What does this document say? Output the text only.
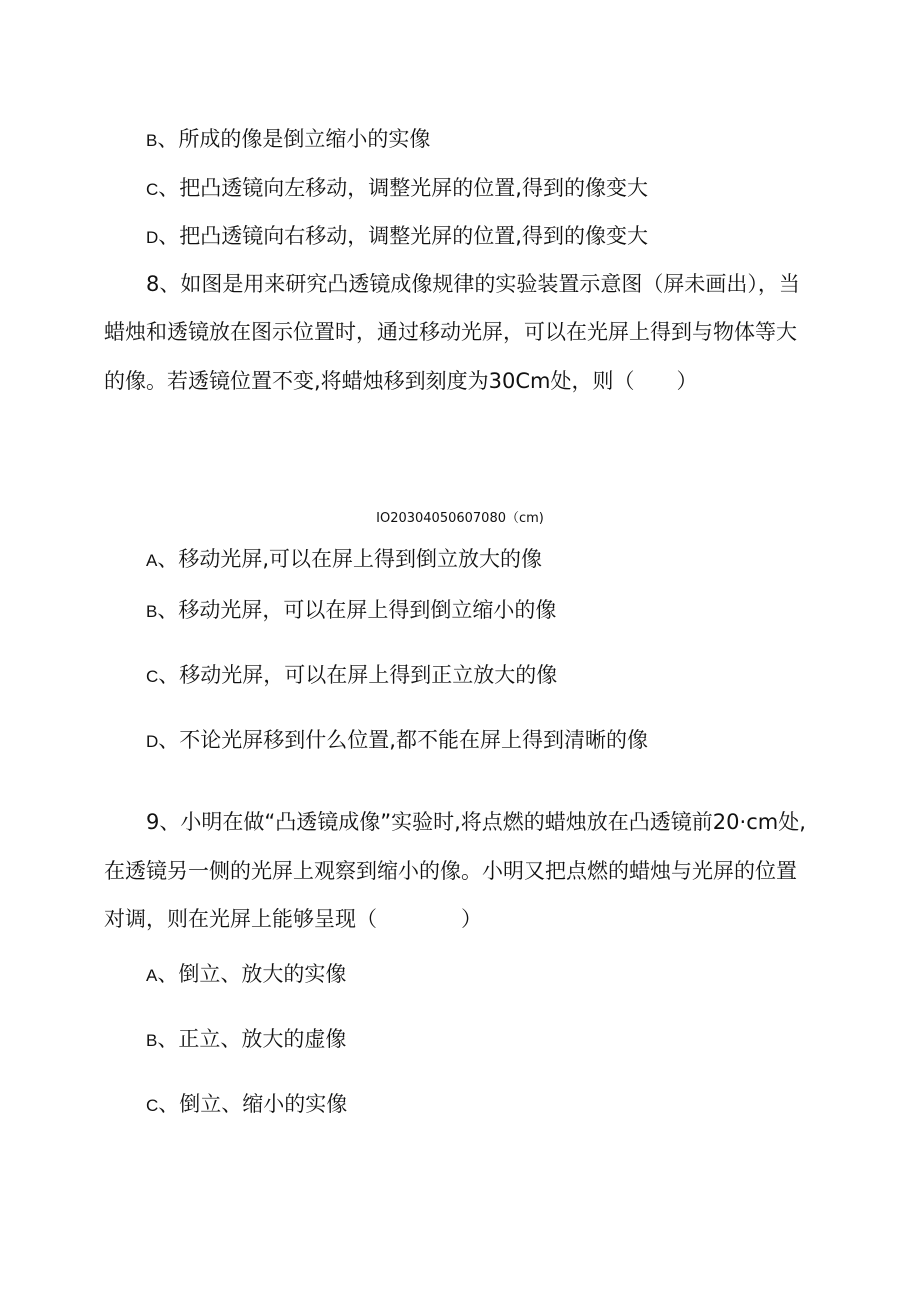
B、所成的像是倒立缩小的实像
C、把凸透镜向左移动，调整光屏的位置,得到的像变大
D、把凸透镜向右移动，调整光屏的位置,得到的像变大
8、如图是用来研究凸透镜成像规律的实验装置示意图（屏未画出），当
蜡烛和透镜放在图示位置时，通过移动光屏，可以在光屏上得到与物体等大
的像。若透镜位置不变,将蜡烛移到刻度为30Cm处，则（　　）
IO20304050607080（cm)
A、移动光屏,可以在屏上得到倒立放大的像
B、移动光屏，可以在屏上得到倒立缩小的像
C、移动光屏，可以在屏上得到正立放大的像
D、不论光屏移到什么位置,都不能在屏上得到清晰的像
9、小明在做“凸透镜成像”实验时,将点燃的蜡烛放在凸透镜前20·cm处,
在透镜另一侧的光屏上观察到缩小的像。小明又把点燃的蜡烛与光屏的位置
对调，则在光屏上能够呈现（　　　　）
A、倒立、放大的实像
B、正立、放大的虚像
C、倒立、缩小的实像
